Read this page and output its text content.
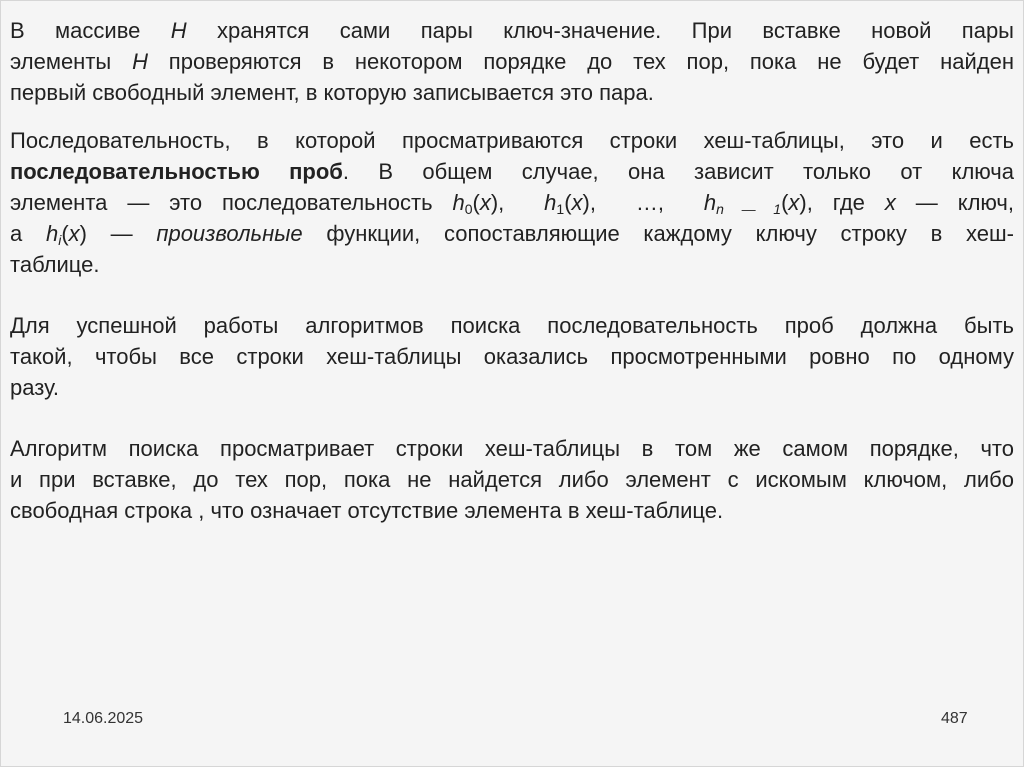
В массиве H хранятся сами пары ключ-значение. При вставке новой пары
элементы H проверяются в некотором порядке до тех пор, пока не будет найден
первый свободный элемент, в которую записывается это пара.
Последовательность, в которой просматриваются строки хеш-таблицы, это и есть
последовательностью проб. В общем случае, она зависит только от ключа
элемента — это последовательность $h_0(x)$,  $h_1(x)$,  …,  $h_{n — 1}(x)$, где x — ключ,
а $h_i(x)$ — произвольные функции, сопоставляющие каждому ключу строку в хеш-
таблице.
Для успешной работы алгоритмов поиска последовательность проб должна быть
такой, чтобы все строки хеш-таблицы оказались просмотренными ровно по одному
разу.
Алгоритм поиска просматривает строки хеш-таблицы в том же самом порядке, что
и при вставке, до тех пор, пока не найдется либо элемент с искомым ключом, либо
свободная строка , что означает отсутствие элемента в хеш-таблице.
14.06.2025	487
